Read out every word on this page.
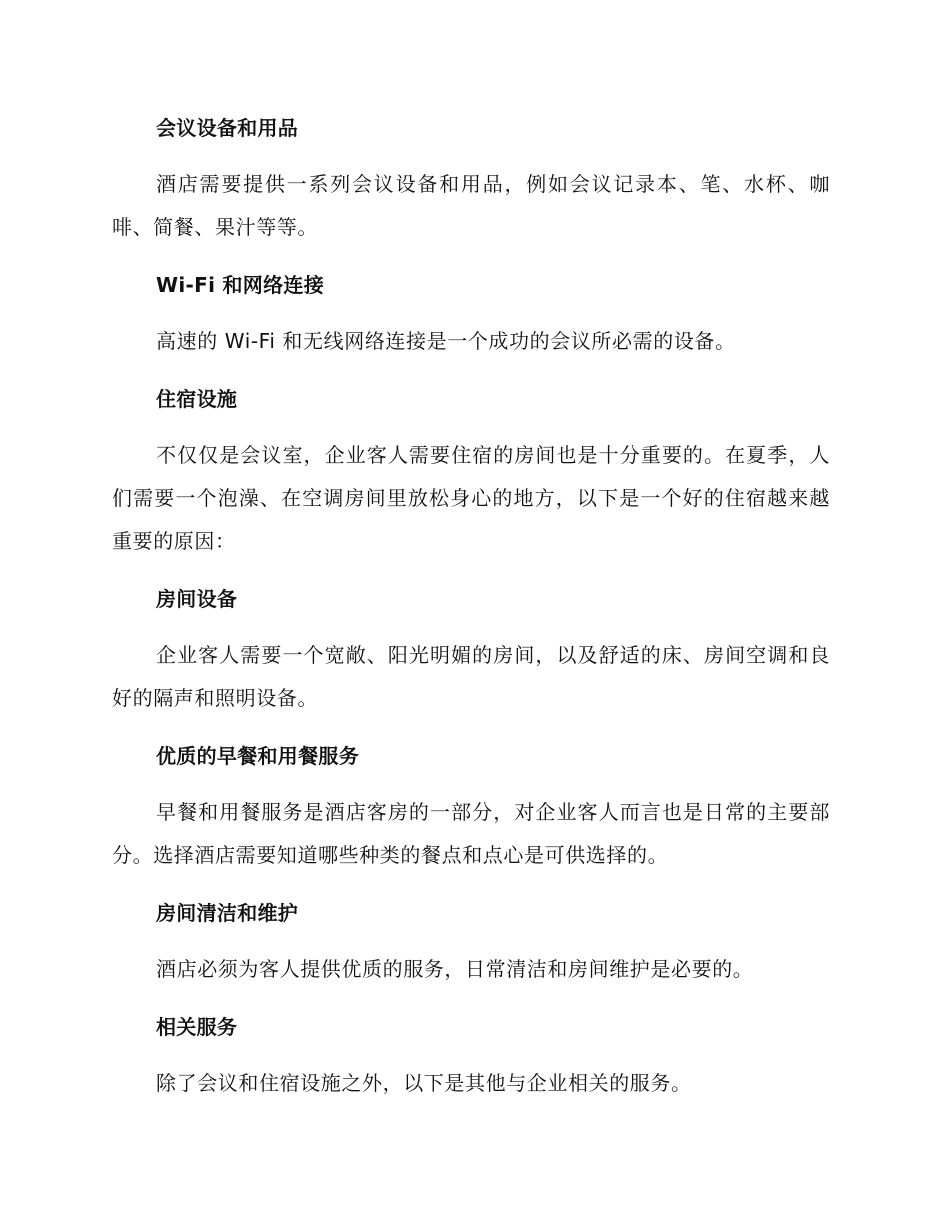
会议设备和用品

酒店需要提供一系列会议设备和用品，例如会议记录本、笔、水杯、咖啡、简餐、果汁等等。

Wi-Fi 和网络连接

高速的 Wi-Fi 和无线网络连接是一个成功的会议所必需的设备。

住宿设施

不仅仅是会议室，企业客人需要住宿的房间也是十分重要的。在夏季，人们需要一个泡澡、在空调房间里放松身心的地方，以下是一个好的住宿越来越重要的原因：

房间设备

企业客人需要一个宽敞、阳光明媚的房间，以及舒适的床、房间空调和良好的隔声和照明设备。

优质的早餐和用餐服务

早餐和用餐服务是酒店客房的一部分，对企业客人而言也是日常的主要部分。选择酒店需要知道哪些种类的餐点和点心是可供选择的。

房间清洁和维护

酒店必须为客人提供优质的服务，日常清洁和房间维护是必要的。

相关服务

除了会议和住宿设施之外，以下是其他与企业相关的服务。
